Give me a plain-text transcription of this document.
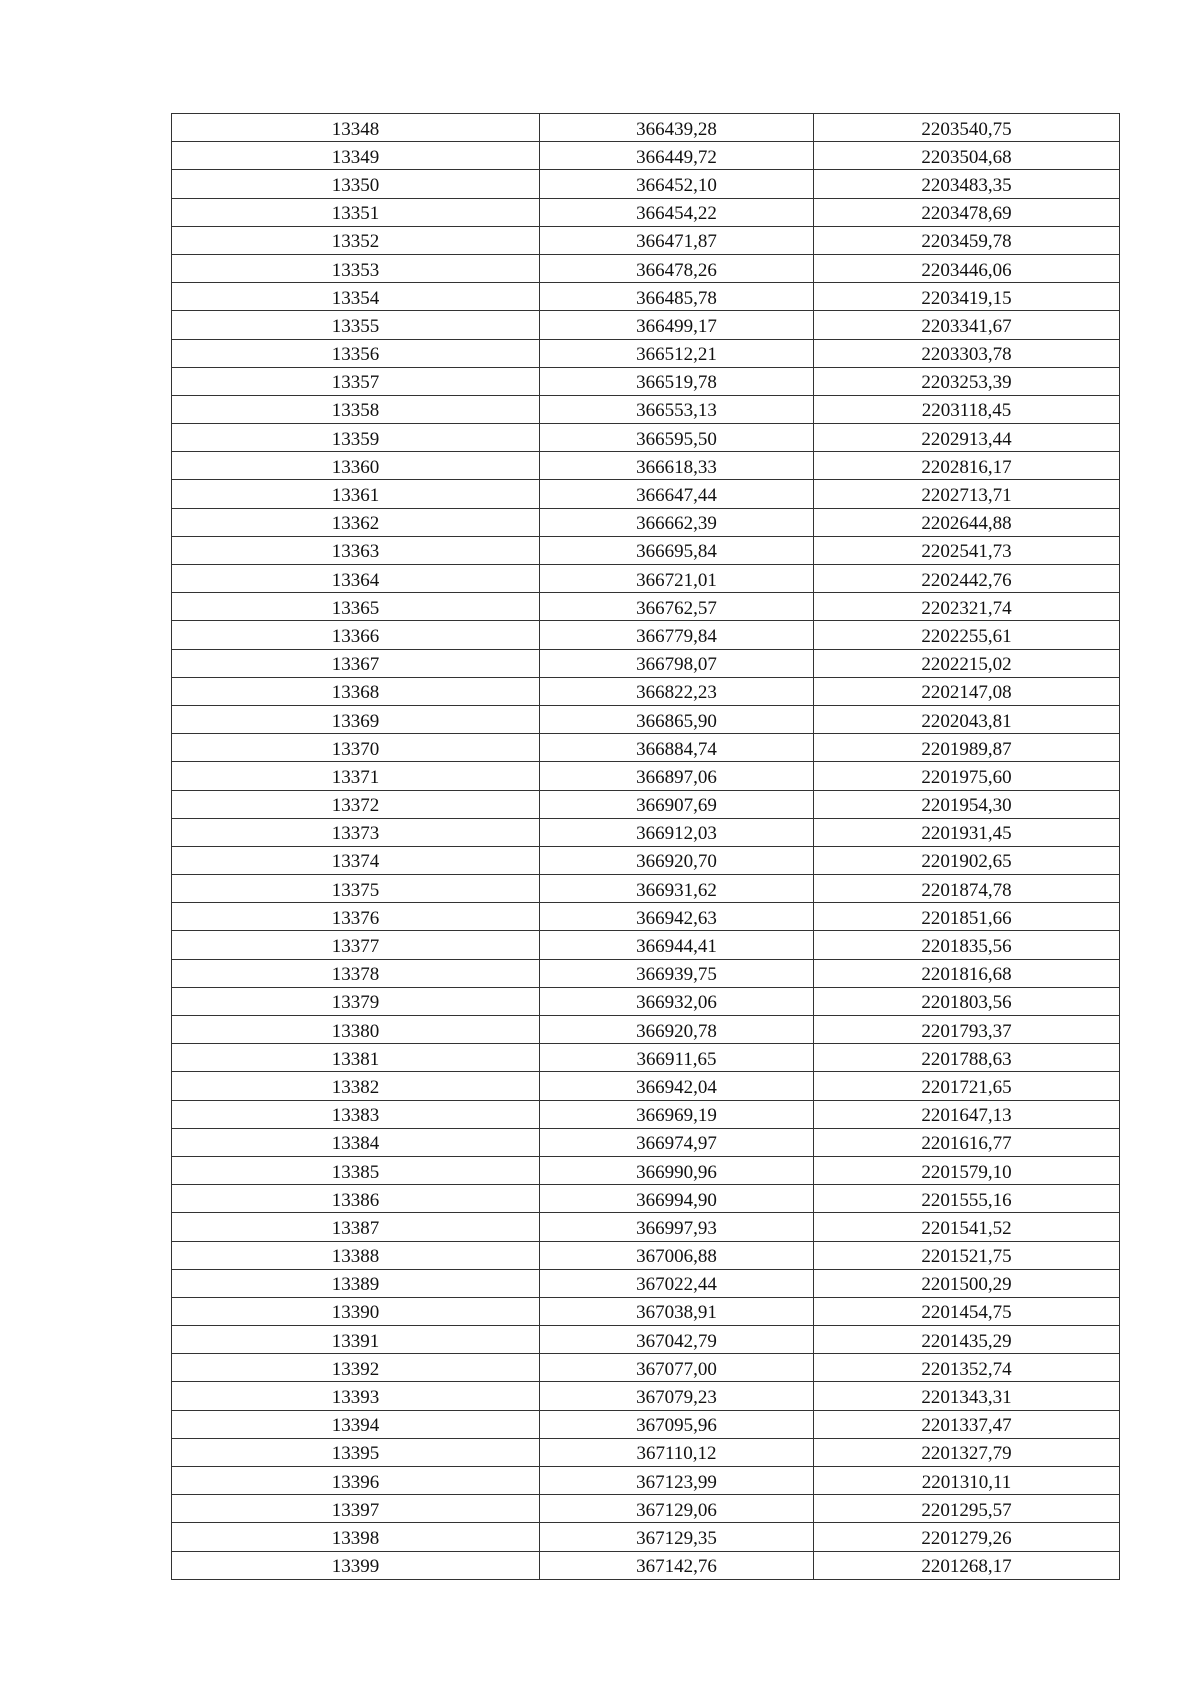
13348	366439,28	2203540,75
13349	366449,72	2203504,68
13350	366452,10	2203483,35
13351	366454,22	2203478,69
13352	366471,87	2203459,78
13353	366478,26	2203446,06
13354	366485,78	2203419,15
13355	366499,17	2203341,67
13356	366512,21	2203303,78
13357	366519,78	2203253,39
13358	366553,13	2203118,45
13359	366595,50	2202913,44
13360	366618,33	2202816,17
13361	366647,44	2202713,71
13362	366662,39	2202644,88
13363	366695,84	2202541,73
13364	366721,01	2202442,76
13365	366762,57	2202321,74
13366	366779,84	2202255,61
13367	366798,07	2202215,02
13368	366822,23	2202147,08
13369	366865,90	2202043,81
13370	366884,74	2201989,87
13371	366897,06	2201975,60
13372	366907,69	2201954,30
13373	366912,03	2201931,45
13374	366920,70	2201902,65
13375	366931,62	2201874,78
13376	366942,63	2201851,66
13377	366944,41	2201835,56
13378	366939,75	2201816,68
13379	366932,06	2201803,56
13380	366920,78	2201793,37
13381	366911,65	2201788,63
13382	366942,04	2201721,65
13383	366969,19	2201647,13
13384	366974,97	2201616,77
13385	366990,96	2201579,10
13386	366994,90	2201555,16
13387	366997,93	2201541,52
13388	367006,88	2201521,75
13389	367022,44	2201500,29
13390	367038,91	2201454,75
13391	367042,79	2201435,29
13392	367077,00	2201352,74
13393	367079,23	2201343,31
13394	367095,96	2201337,47
13395	367110,12	2201327,79
13396	367123,99	2201310,11
13397	367129,06	2201295,57
13398	367129,35	2201279,26
13399	367142,76	2201268,17
